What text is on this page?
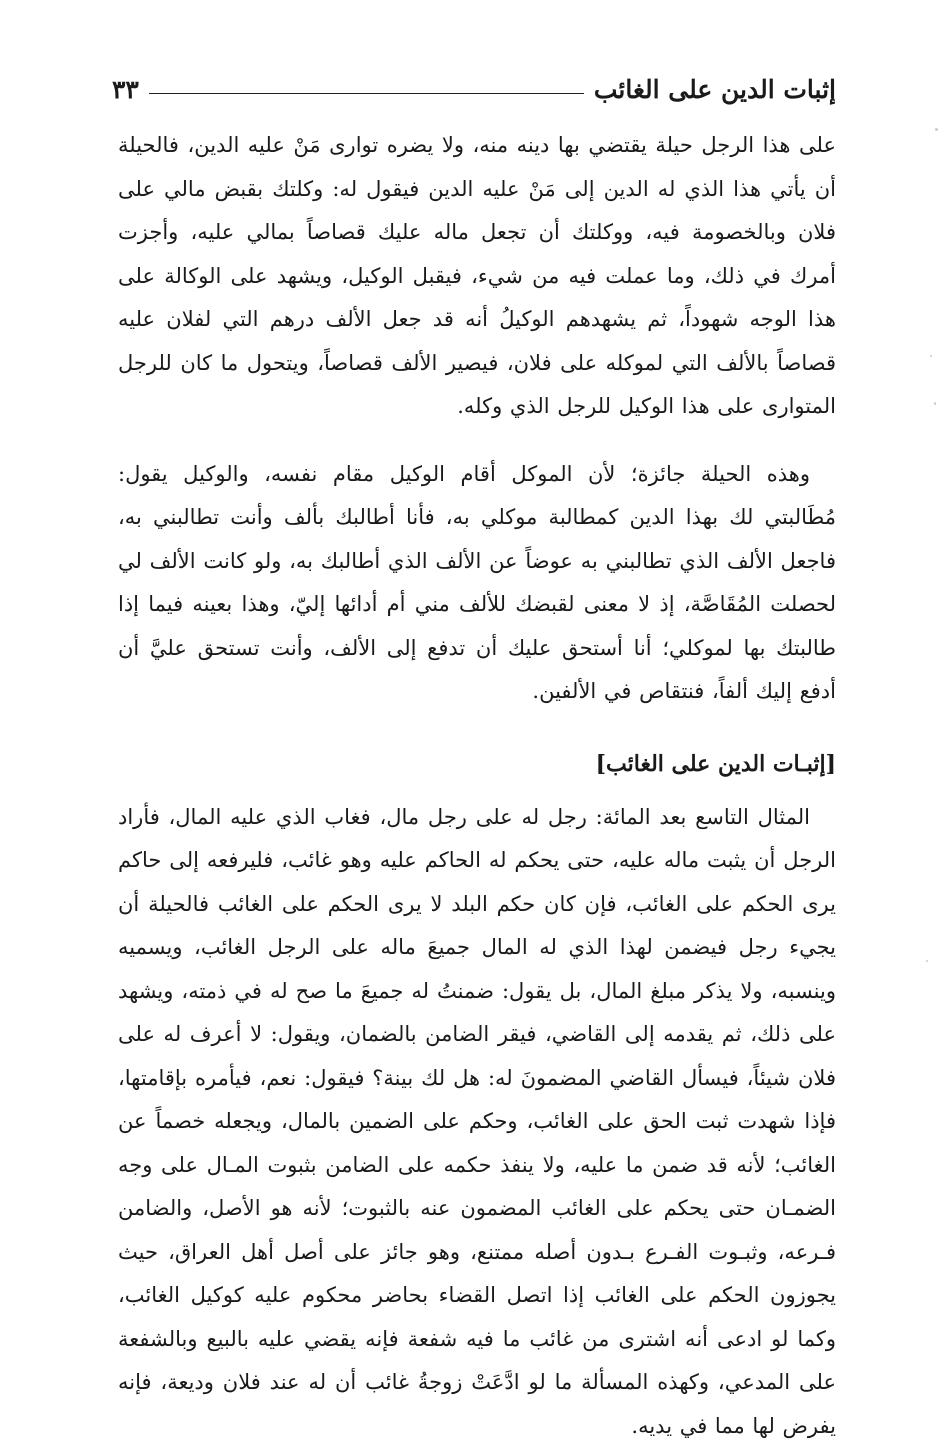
إثبات الدين على الغائب
٣٣

على هذا الرجل حيلة يقتضي بها دينه منه، ولا يضره توارى مَنْ عليه الدين، فالحيلة أن يأتي هذا الذي له الدين إلى مَنْ عليه الدين فيقول له: وكلتك بقبض مالي على فلان وبالخصومة فيه، ووكلتك أن تجعل ماله عليك قصاصاً بمالي عليه، وأجزت أمرك في ذلك، وما عملت فيه من شيء، فيقبل الوكيل، ويشهد على الوكالة على هذا الوجه شهوداً، ثم يشهدهم الوكيلُ أنه قد جعل الألف درهم التي لفلان عليه قصاصاً بالألف التي لموكله على فلان، فيصير الألف قصاصاً، ويتحول ما كان للرجل المتوارى على هذا الوكيل للرجل الذي وكله.

وهذه الحيلة جائزة؛ لأن الموكل أقام الوكيل مقام نفسه، والوكيل يقول: مُطَالبتي لك بهذا الدين كمطالبة موكلي به، فأنا أطالبك بألف وأنت تطالبني به، فاجعل الألف الذي تطالبني به عوضاً عن الألف الذي أطالبك به، ولو كانت الألف لي لحصلت المُقَاصَّة، إذ لا معنى لقبضك للألف مني أم أدائها إليّ، وهذا بعينه فيما إذا طالبتك بها لموكلي؛ أنا أستحق عليك أن تدفع إلى الألف، وأنت تستحق عليَّ أن أدفع إليك ألفاً، فنتقاص في الألفين.

[إثبـات الدين على الغائب]

المثال التاسع بعد المائة: رجل له على رجل مال، فغاب الذي عليه المال، فأراد الرجل أن يثبت ماله عليه، حتى يحكم له الحاكم عليه وهو غائب، فليرفعه إلى حاكم يرى الحكم على الغائب، فإن كان حكم البلد لا يرى الحكم على الغائب فالحيلة أن يجيء رجل فيضمن لهذا الذي له المال جميعَ ماله على الرجل الغائب، ويسميه وينسبه، ولا يذكر مبلغ المال، بل يقول: ضمنتُ له جميعَ ما صح له في ذمته، ويشهد على ذلك، ثم يقدمه إلى القاضي، فيقر الضامن بالضمان، ويقول: لا أعرف له على فلان شيئاً، فيسأل القاضي المضمونَ له: هل لك بينة؟ فيقول: نعم، فيأمره بإقامتها، فإذا شهدت ثبت الحق على الغائب، وحكم على الضمين بالمال، ويجعله خصماً عن الغائب؛ لأنه قد ضمن ما عليه، ولا ينفذ حكمه على الضامن بثبوت المـال على وجه الضمـان حتى يحكم على الغائب المضمون عنه بالثبوت؛ لأنه هو الأصل، والضامن فـرعه، وثبـوت الفـرع بـدون أصله ممتنع، وهو جائز على أصل أهل العراق، حيث يجوزون الحكم على الغائب إذا اتصل القضاء بحاضر محكوم عليه كوكيل الغائب، وكما لو ادعى أنه اشترى من غائب ما فيه شفعة فإنه يقضي عليه بالبيع وبالشفعة على المدعي، وكهذه المسألة ما لو ادَّعَتْ زوجةُ غائب أن له عند فلان وديعة، فإنه يفرض لها مما في يديه.
